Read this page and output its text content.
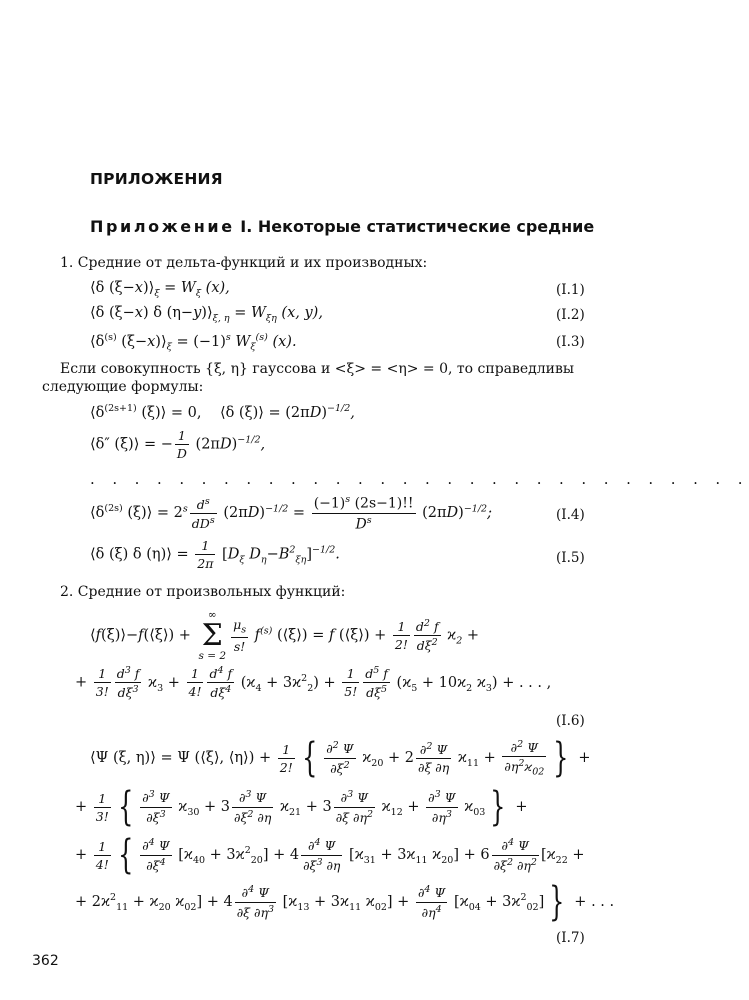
ПРИЛОЖЕНИЯ
Приложение I. Некоторые статистические средние
1. Средние от дельта-функций и их производных:
⟨δ $(\xi-x)⟩_\xi = W_\xi$ (x),	(I.1)
⟨δ (ξ−x) δ $(\eta-y)⟩_{\xi, \eta} = W_{\xi\eta}$ (x, y),	(I.2)
$⟨\delta^{(s)}$ $(\xi-x)⟩_\xi = (-1)^s$ $W_\xi^{(s)}$ (x).	(I.3)
Если совокупность {ξ, η} гауссова и <ξ> = <η> = 0, то справедливы
следующие формулы:
$⟨\delta^{(2s+1)}$ (ξ)⟩ = 0,    ⟨δ (ξ)⟩ = $(2\pi D)^{-1/2}$,
⟨δ″ (ξ)⟩ = − $\frac{1}{D} (2\pi D)^{-1/2}$,
. . . . . . . . . . . . . . . . . . . . . . . . . . . . . .
$⟨\delta^{(2s)}$ (ξ)⟩ = $2^s \frac{d^s}{dD^s} (2\pi D)^{-1/2} = \frac{(-1)^s (2s-1)!!}{D^s} (2\pi D)^{-1/2}$;	(I.4)
⟨δ (ξ) δ (η)⟩ = $\frac{1}{2\pi} [D_\xi$ $D_\eta-B^2_{\xi\eta}]^{-1/2}$.	(I.5)
2. Средние от произвольных функций:
⟨f(ξ)⟩−f(⟨ξ⟩) +
∞
Σ
s = 2
$\frac{\mu_s}{s!} f^{(s)}$ (⟨ξ⟩) = f (⟨ξ⟩) + $\frac{1}{2!} \frac{d^2 f}{d\xi^2} ϰ_2$ +
+ $\frac{1}{3!} \frac{d^3 f}{d\xi^3} ϰ_3 + \frac{1}{4!} \frac{d^4 f}{d\xi^4} (ϰ_4 + 3ϰ^2_2) + \frac{1}{5!} \frac{d^5 f}{d\xi^5} (ϰ_5 + 10ϰ_2$ $ϰ_3$) + . . . ,
(I.6)
⟨Ψ (ξ, η)⟩ = Ψ (⟨ξ⟩, ⟨η⟩) + $\frac{1}{2!}$ { $\frac{\partial^2 \Psi}{\partial\xi^2} ϰ_{20} + 2 \frac{\partial^2 \Psi}{\partial\xi \partial\eta} ϰ_{11} + \frac{\partial^2 \Psi}{\partial\eta^2ϰ_{02}}$ } +
+ $\frac{1}{3!}$ { $\frac{\partial^3 \Psi}{\partial\xi^3} ϰ_{30} + 3 \frac{\partial^3 \Psi}{\partial\xi^2 \partial\eta} ϰ_{21} + 3 \frac{\partial^3 \Psi}{\partial\xi \partial\eta^2} ϰ_{12} + \frac{\partial^3 \Psi}{\partial\eta^3} ϰ_{03}$ } +
+ $\frac{1}{4!}$ { $\frac{\partial^4 \Psi}{\partial\xi^4} [ϰ_{40} + 3ϰ^2_{20}] + 4 \frac{\partial^4 \Psi}{\partial\xi^3 \partial\eta} [ϰ_{31} + 3ϰ_{11}$ $ϰ_{20}] + 6 \frac{\partial^4 \Psi}{\partial\xi^2 \partial\eta^2} [ϰ_{22}$ +
+ $2ϰ^2_{11} + ϰ_{20}$ $ϰ_{02}] + 4 \frac{\partial^4 \Psi}{\partial\xi \partial\eta^3} [ϰ_{13} + 3ϰ_{11}$ $ϰ_{02}] + \frac{\partial^4 \Psi}{\partial\eta^4} [ϰ_{04} + 3ϰ^2_{02}]$ } + . . .
(I.7)
362
